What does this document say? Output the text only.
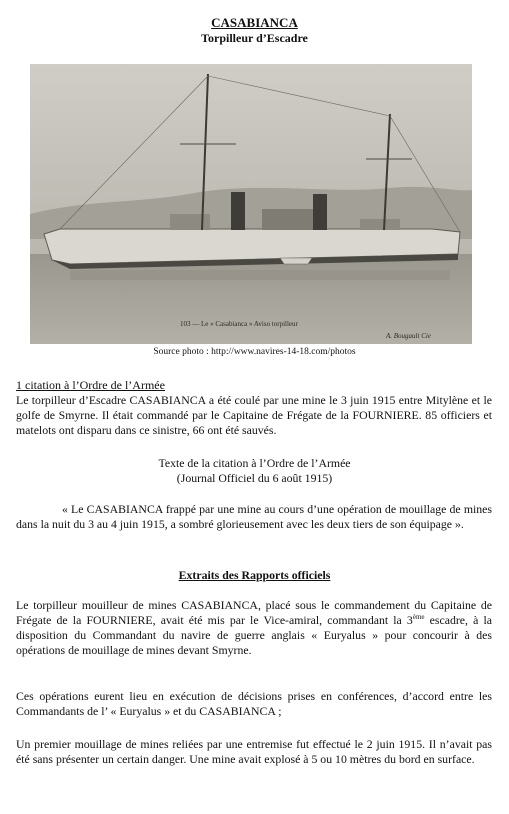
CASABIANCA
Torpilleur d’Escadre
103 — Le « Casabianca » Aviso torpilleur
A. Bougault Cie
Source photo : http://www.navires-14-18.com/photos
1 citation à l’Ordre de l’Armée
Le torpilleur d’Escadre CASABIANCA a été coulé par une mine le 3 juin 1915 entre Mitylène et le golfe de Smyrne. Il était commandé par le Capitaine de Frégate de la FOURNIERE. 85 officiers et matelots ont disparu dans ce sinistre, 66 ont été sauvés.
Texte de la citation à l’Ordre de l’Armée
(Journal Officiel du 6 août 1915)
« Le CASABIANCA frappé par une mine au cours d’une opération de mouillage de mines dans la nuit du 3 au 4 juin 1915, a sombré glorieusement avec les deux tiers de son équipage ».
Extraits des Rapports officiels
Le torpilleur mouilleur de mines CASABIANCA, placé sous le commandement du Capitaine de Frégate de la FOURNIERE, avait été mis par le Vice-amiral, commandant la 3ème escadre, à la disposition du Commandant du navire de guerre anglais « Euryalus » pour concourir à des opérations de mouillage de mines devant Smyrne.
Ces opérations eurent lieu en exécution de décisions prises en conférences, d’accord entre les Commandants de l’ « Euryalus » et du CASABIANCA ;
Un premier mouillage de mines reliées par une entremise fut effectué le 2 juin 1915. Il n’avait pas été sans présenter un certain danger. Une mine avait explosé à 5 ou 10 mètres du bord en surface.
